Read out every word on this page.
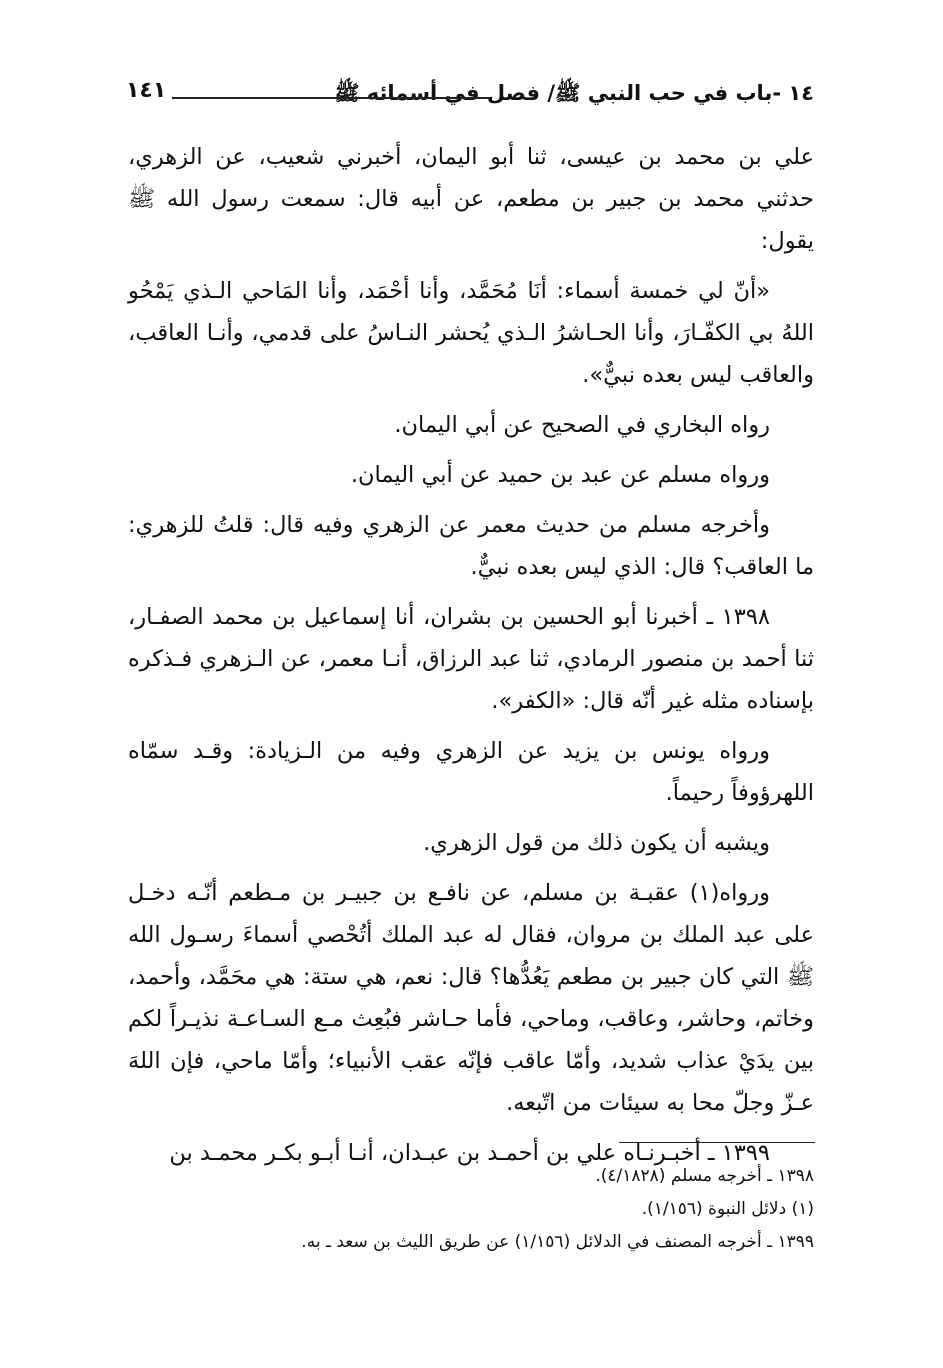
١٤ -باب في حب النبي ﷺ/ فصل في أسمائه ﷺ
١٤١

علي بن محمد بن عيسى، ثنا أبو اليمان، أخبرني شعيب، عن الزهري، حدثني محمد بن جبير بن مطعم، عن أبيه قال: سمعت رسول الله ﷺ يقول:

«أنّ لي خمسة أسماء: أنَا مُحَمَّد، وأنا أحْمَد، وأنا المَاحي الـذي يَمْحُو اللهُ بي الكفّـارَ، وأنا الحـاشرُ الـذي يُحشر النـاسُ على قدمي، وأنـا العاقب، والعاقب ليس بعده نبيٌّ».

رواه البخاري في الصحيح عن أبي اليمان.

ورواه مسلم عن عبد بن حميد عن أبي اليمان.

وأخرجه مسلم من حديث معمر عن الزهري وفيه قال: قلتُ للزهري: ما العاقب؟ قال: الذي ليس بعده نبيٌّ.

١٣٩٨ ـ أخبرنا أبو الحسين بن بشران، أنا إسماعيل بن محمد الصفـار، ثنا أحمد بن منصور الرمادي، ثنا عبد الرزاق، أنـا معمر، عن الـزهري فـذكره بإسناده مثله غير أنّه قال: «الكفر».

ورواه يونس بن يزيد عن الزهري وفيه من الـزيادة: وقـد سمّاه اللهرؤوفاً رحيماً.

ويشبه أن يكون ذلك من قول الزهري.

ورواه(١) عقبـة بن مسلم، عن نافـع بن جبيـر بن مـطعم أنّـه دخـل على عبد الملك بن مروان، فقال له عبد الملك أتُحْصي أسماءَ رسـول الله ﷺ التي كان جبير بن مطعم يَعُدُّها؟ قال: نعم، هي ستة: هي محَمَّد، وأحمد، وخاتم، وحاشر، وعاقب، وماحي، فأما حـاشر فبُعِث مـع السـاعـة نذيـراً لكم بين يدَيْ عذاب شديد، وأمّا عاقب فإنّه عقب الأنبياء؛ وأمّا ماحي، فإن اللهَ عـزّ وجلّ محا به سيئات من اتّبعه.

١٣٩٩ ـ أخبـرنـاه علي بن أحمـد بن عبـدان، أنـا أبـو بكـر محمـد بن

١٣٩٨ ـ أخرجه مسلم (٤/١٨٢٨).

(١) دلائل النبوة (١/١٥٦).

١٣٩٩ ـ أخرجه المصنف في الدلائل (١/١٥٦) عن طريق الليث بن سعد ـ به.
